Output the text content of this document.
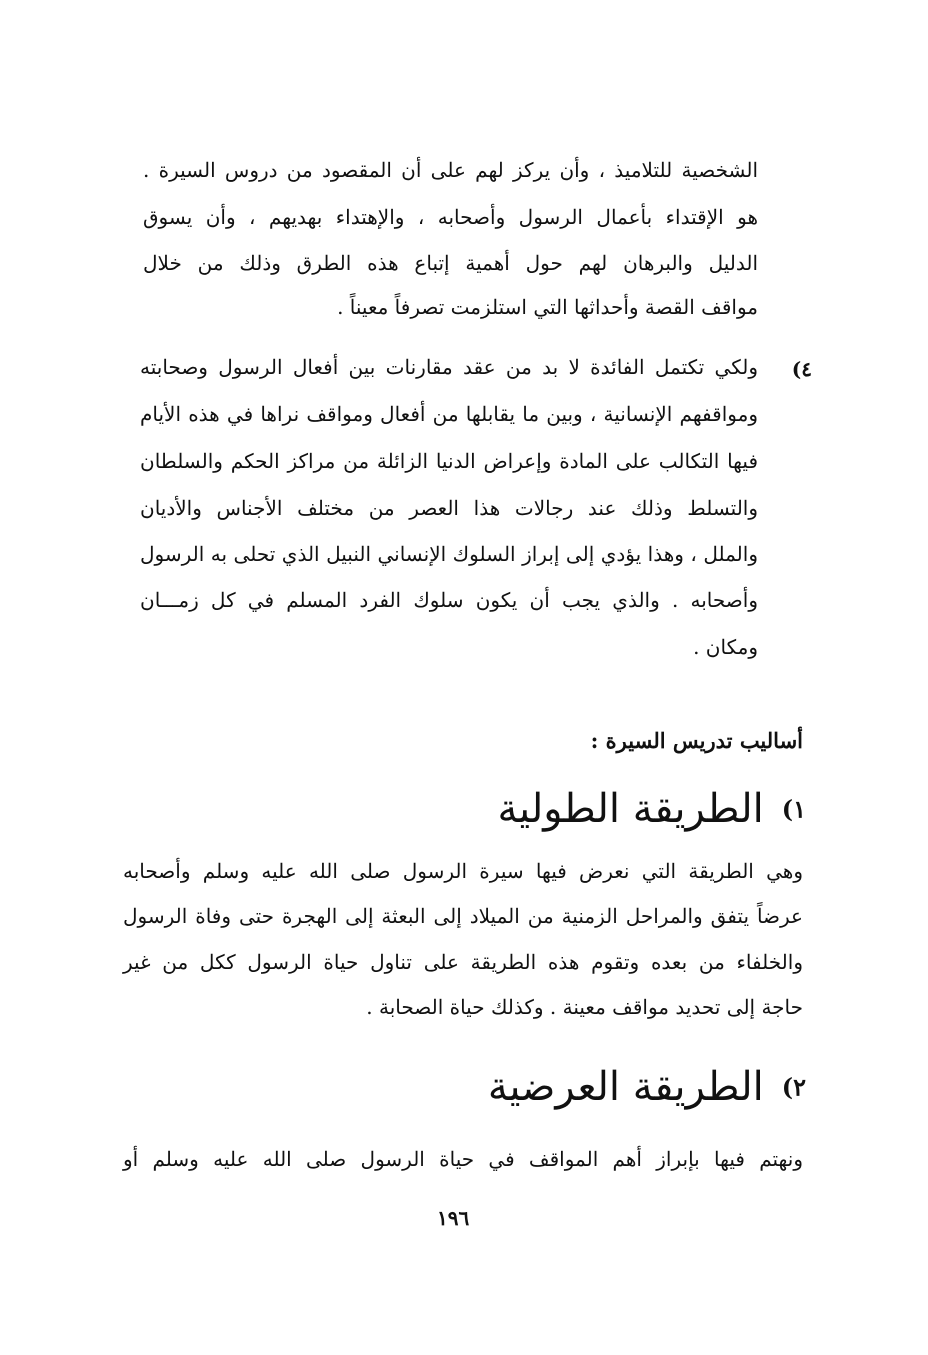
الشخصية للتلاميذ ، وأن يركز لهم على أن المقصود من دروس السيرة .
هو الإقتداء بأعمال الرسول وأصحابه ، والإهتداء بهديهم ، وأن يسوق
الدليل والبرهان لهم حول أهمية إتباع هذه الطرق وذلك من خلال
مواقف القصة وأحداثها التي استلزمت تصرفاً معيناً .
٤)
ولكي تكتمل الفائدة لا بد من عقد مقارنات بين أفعال الرسول وصحابته
ومواقفهم الإنسانية ، وبين ما يقابلها من أفعال ومواقف نراها في هذه الأيام
فيها التكالب على المادة وإعراض الدنيا الزائلة من مراكز الحكم والسلطان
والتسلط وذلك عند رجالات هذا العصر من مختلف الأجناس والأديان
والملل ، وهذا يؤدي إلى إبراز السلوك الإنساني النبيل الذي تحلى به الرسول
وأصحابه . والذي يجب أن يكون سلوك الفرد المسلم في كل زمـــان
ومكان .
أساليب تدريس السيرة :
١)الطريقة الطولية
وهي الطريقة التي نعرض فيها سيرة الرسول صلى الله عليه وسلم وأصحابه
عرضاً يتفق والمراحل الزمنية من الميلاد إلى البعثة إلى الهجرة حتى وفاة الرسول
والخلفاء من بعده وتقوم هذه الطريقة على تناول حياة الرسول ككل من غير
حاجة إلى تحديد مواقف معينة . وكذلك حياة الصحابة .
٢)الطريقة العرضية
ونهتم فيها بإبراز أهم المواقف في حياة الرسول صلى الله عليه وسلم أو
١٩٦
